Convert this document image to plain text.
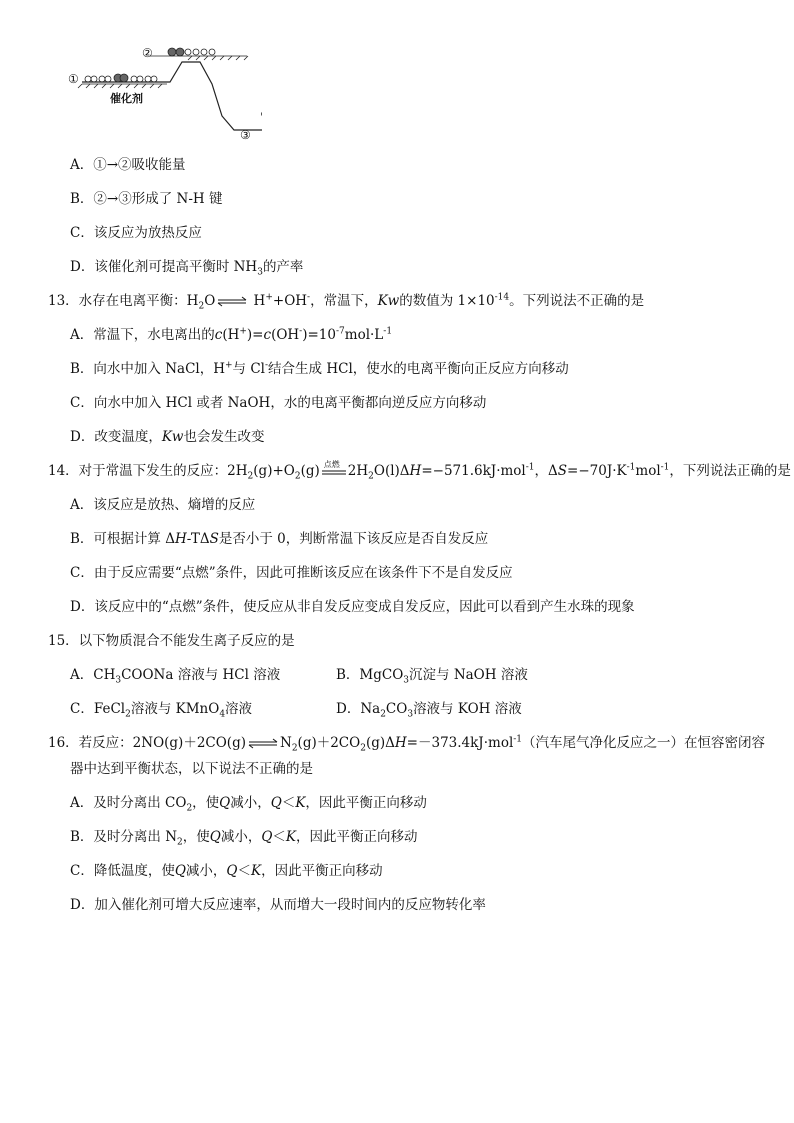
①
②
③
催化剂
A．①→②吸收能量
B．②→③形成了 N-H 键
C．该反应为放热反应
D．该催化剂可提高平衡时 $NH_3$的产率
13．水存在电离平衡：$H_2O\rightleftharpoons$ H++OH-，常温下，Kw的数值为 $1\times 10^{-14}$。下列说法不正确的是
A．常温下，水电离出的$c(H^+)=c(OH^-)=10^{-7}mol\cdot L^{-1}$
B．向水中加入 NaCl，H+与 Cl-结合生成 HCl，使水的电离平衡向正反应方向移动
C．向水中加入 HCl 或者 NaOH，水的电离平衡都向逆反应方向移动
D．改变温度，Kw也会发生改变
14．对于常温下发生的反应：$2H_2(g)+O_2(g)$ 点燃 $2H_2O(l)\Delta H=-571.6kJ\cdot mol^{-1}$，$\Delta S=-70J\cdot K^{-1}mol^{-1}$，下列说法正确的是
A．该反应是放热、熵增的反应
B．可根据计算 ΔH-TΔS是否小于 0，判断常温下该反应是否自发反应
C．由于反应需要“点燃”条件，因此可推断该反应在该条件下不是自发反应
D．该反应中的“点燃”条件，使反应从非自发反应变成自发反应，因此可以看到产生水珠的现象
15．以下物质混合不能发生离子反应的是
A．$CH_3COONa$ 溶液与 HCl 溶液	B．MgCO$_3$沉淀与 NaOH 溶液
C．FeCl$_2$溶液与 KMnO$_4$溶液	D．$Na_2CO_3$溶液与 KOH 溶液
16．若反应：$2NO(g)+2CO(g)\rightleftharpoons N_2(g)+2CO_2(g)\Delta H=-373.4kJ\cdot mol^{-1}$（汽车尾气净化反应之一）在恒容密闭容
器中达到平衡状态，以下说法不正确的是
A．及时分离出 $CO_2$，使Q减小，Q＜K，因此平衡正向移动
B．及时分离出 $N_2$，使Q减小，Q＜K，因此平衡正向移动
C．降低温度，使Q减小，Q＜K，因此平衡正向移动
D．加入催化剂可增大反应速率，从而增大一段时间内的反应物转化率
